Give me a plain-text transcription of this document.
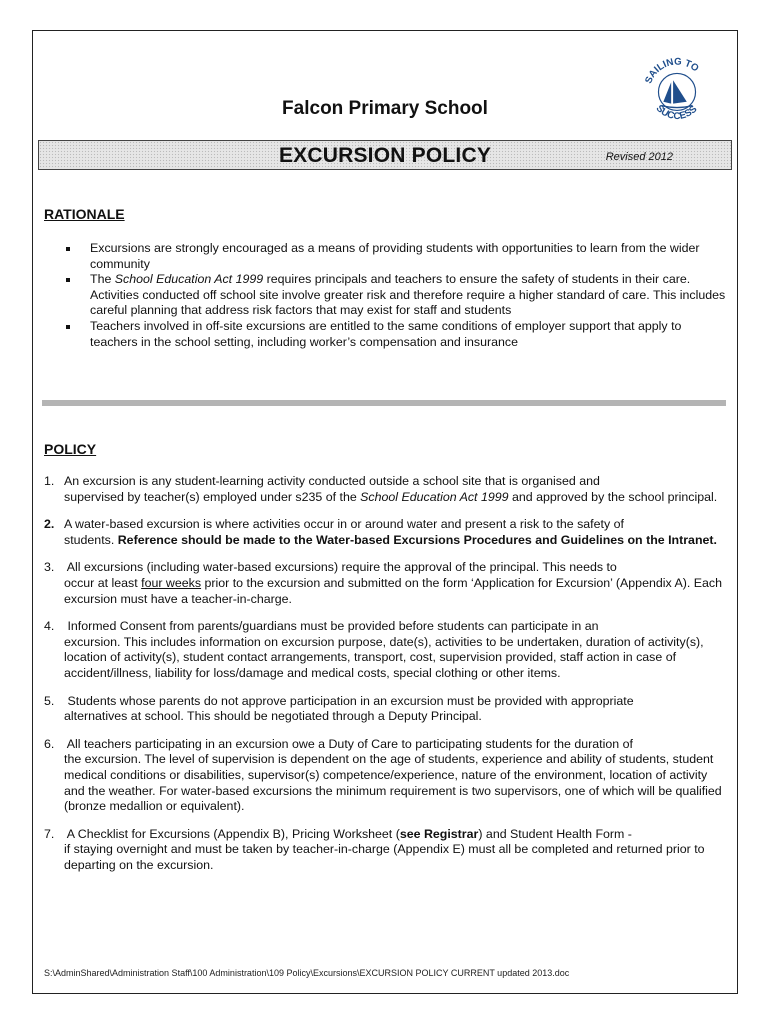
SAILING TO
SUCCESS
Falcon Primary School
EXCURSION POLICY	Revised 2012
RATIONALE
Excursions are strongly encouraged as a means of providing students with opportunities to learn from the wider community
The School Education Act 1999 requires principals and teachers to ensure the safety of students in their care. Activities conducted off school site involve greater risk and therefore require a higher standard of care. This includes careful planning that address risk factors that may exist for staff and students
Teachers involved in off-site excursions are entitled to the same conditions of employer support that apply to teachers in the school setting, including worker’s compensation and insurance
POLICY
1. An excursion is any student-learning activity conducted outside a school site that is organised and
supervised by teacher(s) employed under s235 of the School Education Act 1999 and approved by the school principal.
2. A water-based excursion is where activities occur in or around water and present a risk to the safety of
students. Reference should be made to the Water-based Excursions Procedures and Guidelines on the Intranet.
3. All excursions (including water-based excursions) require the approval of the principal. This needs to
occur at least four weeks prior to the excursion and submitted on the form ‘Application for Excursion’ (Appendix A). Each excursion must have a teacher-in-charge.
4. Informed Consent from parents/guardians must be provided before students can participate in an
excursion. This includes information on excursion purpose, date(s), activities to be undertaken, duration of activity(s), location of activity(s), student contact arrangements, transport, cost, supervision provided, staff action in case of accident/illness, liability for loss/damage and medical costs, special clothing or other items.
5. Students whose parents do not approve participation in an excursion must be provided with appropriate
alternatives at school. This should be negotiated through a Deputy Principal.
6. All teachers participating in an excursion owe a Duty of Care to participating students for the duration of
the excursion. The level of supervision is dependent on the age of students, experience and ability of students, student medical conditions or disabilities, supervisor(s) competence/experience, nature of the environment, location of activity and the weather. For water-based excursions the minimum requirement is two supervisors, one of which will be qualified (bronze medallion or equivalent).
7. A Checklist for Excursions (Appendix B), Pricing Worksheet (see Registrar) and Student Health Form -
if staying overnight and must be taken by teacher-in-charge (Appendix E) must all be completed and returned prior to departing on the excursion.
S:\AdminShared\Administration Staff\100 Administration\109 Policy\Excursions\EXCURSION POLICY CURRENT updated 2013.doc
